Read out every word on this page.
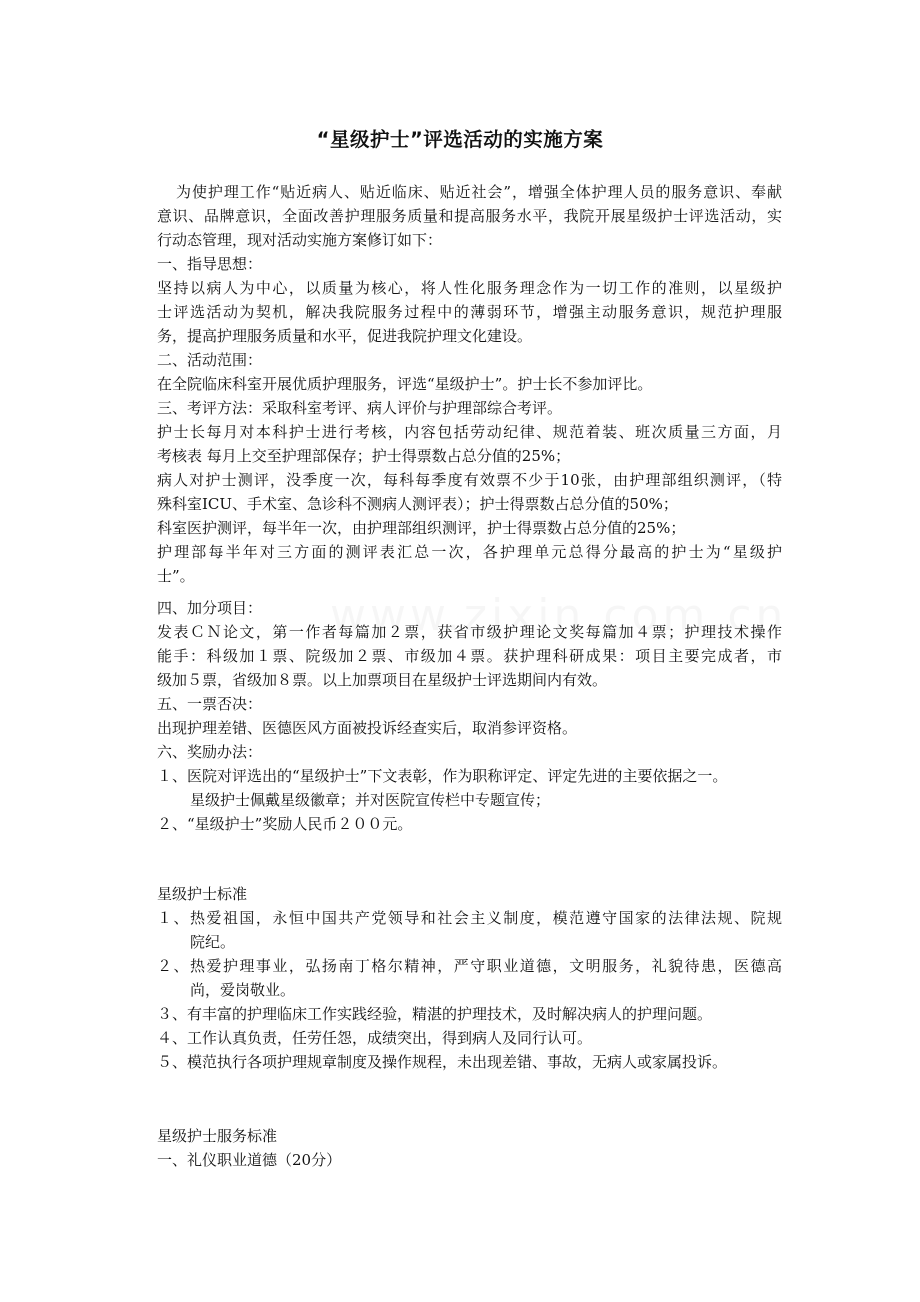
“星级护士”评选活动的实施方案
为使护理工作“贴近病人、贴近临床、贴近社会”，增强全体护理人员的服务意识、奉献
意识、品牌意识，全面改善护理服务质量和提高服务水平，我院开展星级护士评选活动，实
行动态管理，现对活动实施方案修订如下：
一、指导思想：
坚持以病人为中心，以质量为核心，将人性化服务理念作为一切工作的准则，以星级护
士评选活动为契机，解决我院服务过程中的薄弱环节，增强主动服务意识，规范护理服
务，提高护理服务质量和水平，促进我院护理文化建设。
二、活动范围：
在全院临床科室开展优质护理服务，评选“星级护士”。护士长不参加评比。
三、考评方法：采取科室考评、病人评价与护理部综合考评。
护士长每月对本科护士进行考核，内容包括劳动纪律、规范着装、班次质量三方面，月
考核表 每月上交至护理部保存；护士得票数占总分值的25%；
病人对护士测评，没季度一次，每科每季度有效票不少于10张，由护理部组织测评，（特
殊科室ICU、手术室、急诊科不测病人测评表）；护士得票数占总分值的50%；
科室医护测评，每半年一次，由护理部组织测评，护士得票数占总分值的25%；
护理部每半年对三方面的测评表汇总一次，各护理单元总得分最高的护士为“星级护
士”。
四、加分项目：
发表ＣＮ论文，第一作者每篇加２票，获省市级护理论文奖每篇加４票；护理技术操作
能手：科级加１票、院级加２票、市级加４票。获护理科研成果：项目主要完成者，市
级加５票，省级加８票。以上加票项目在星级护士评选期间内有效。
五、一票否决：
出现护理差错、医德医风方面被投诉经查实后，取消参评资格。
六、奖励办法：
１、医院对评选出的“星级护士”下文表彰，作为职称评定、评定先进的主要依据之一。
星级护士佩戴星级徽章；并对医院宣传栏中专题宣传；
２、“星级护士”奖励人民币２００元。
星级护士标准
１、热爱祖国，永恒中国共产党领导和社会主义制度，模范遵守国家的法律法规、院规
院纪。
２、热爱护理事业，弘扬南丁格尔精神，严守职业道德，文明服务，礼貌待患，医德高
尚，爱岗敬业。
３、有丰富的护理临床工作实践经验，精湛的护理技术，及时解决病人的护理问题。
４、工作认真负责，任劳任怨，成绩突出，得到病人及同行认可。
５、模范执行各项护理规章制度及操作规程，未出现差错、事故，无病人或家属投诉。
星级护士服务标准
一、礼仪职业道德（20分）
